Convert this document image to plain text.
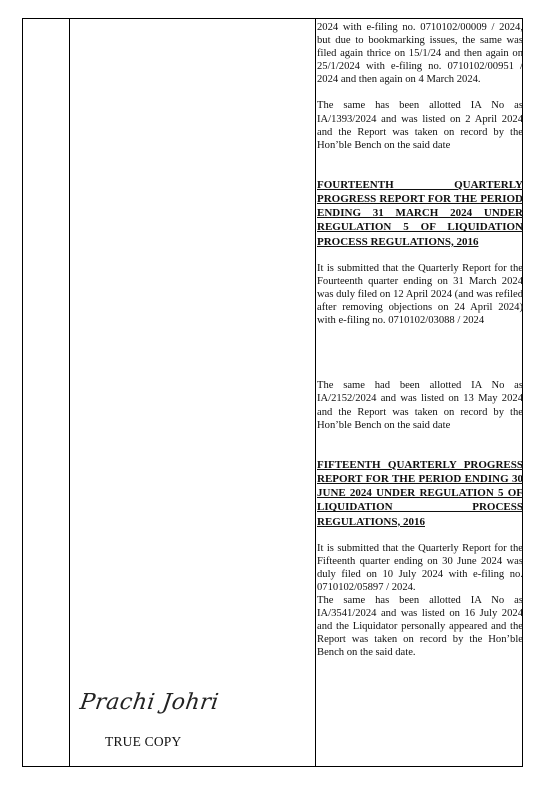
2024 with e-filing no. 0710102/00009 / 2024, but due to bookmarking issues, the same was filed again thrice on 15/1/24 and then again on 25/1/2024 with e-filing no. 0710102/00951 / 2024 and then again on 4 March 2024.

The same has been allotted IA No as IA/1393/2024 and was listed on 2 April 2024 and the Report was taken on record by the Hon’ble Bench on the said date

FOURTEENTH QUARTERLY PROGRESS REPORT FOR THE PERIOD ENDING 31 MARCH 2024 UNDER REGULATION 5 OF LIQUIDATION PROCESS REGULATIONS, 2016

It is submitted that the Quarterly Report for the Fourteenth quarter ending on 31 March 2024 was duly filed on 12 April 2024 (and was refiled after removing objections on 24 April 2024) with e-filing no. 0710102/03088 / 2024

The same had been allotted IA No as IA/2152/2024 and was listed on 13 May 2024 and the Report was taken on record by the Hon’ble Bench on the said date

FIFTEENTH QUARTERLY PROGRESS REPORT FOR THE PERIOD ENDING 30 JUNE 2024 UNDER REGULATION 5 OF LIQUIDATION PROCESS REGULATIONS, 2016

It is submitted that the Quarterly Report for the Fifteenth quarter ending on 30 June 2024 was duly filed on 10 July 2024 with e-filing no. 0710102/05897 / 2024.

The same has been allotted IA No as IA/3541/2024 and was listed on 16 July 2024 and the Liquidator personally appeared and the Report was taken on record by the Hon’ble Bench on the said date.

Prachi Johri
TRUE COPY
